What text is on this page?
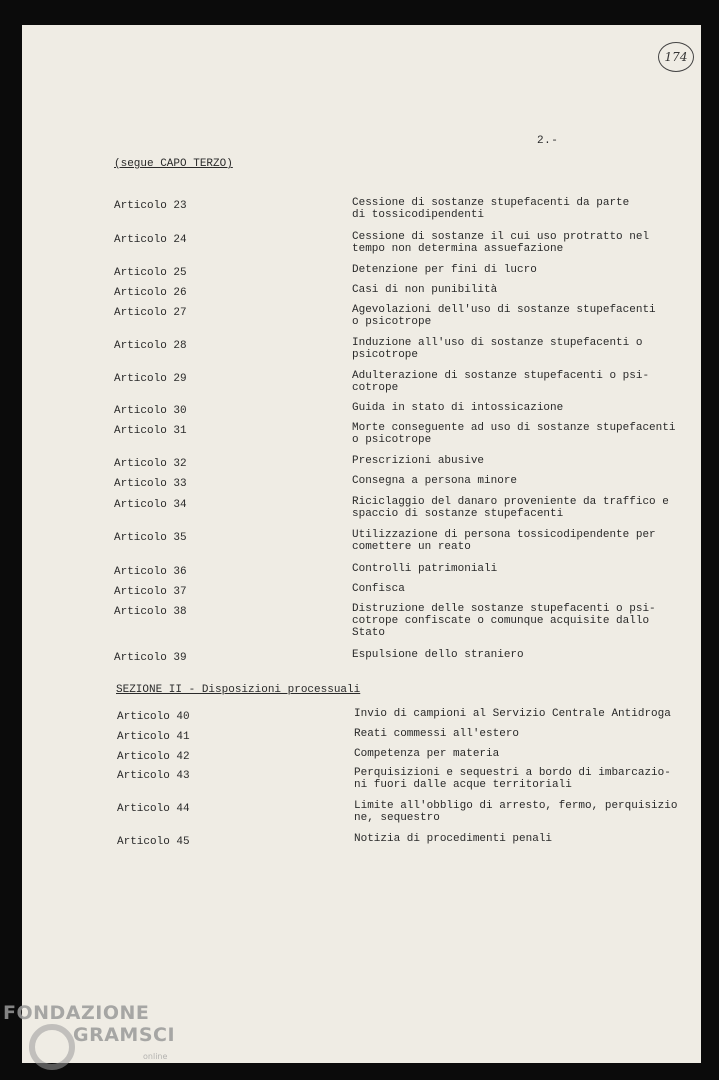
174
2.-
(segue CAPO TERZO)
Articolo 23	Cessione di sostanze stupefacenti da parte
di tossicodipendenti
Articolo 24	Cessione di sostanze il cui uso protratto nel
tempo non determina assuefazione
Articolo 25	Detenzione per fini di lucro
Articolo 26	Casi di non punibilità
Articolo 27	Agevolazioni dell'uso di sostanze stupefacenti
o psicotrope
Articolo 28	Induzione all'uso di sostanze stupefacenti o
psicotrope
Articolo 29	Adulterazione di sostanze stupefacenti o psi-
cotrope
Articolo 30	Guida in stato di intossicazione
Articolo 31	Morte conseguente ad uso di sostanze stupefacenti
o psicotrope
Articolo 32	Prescrizioni abusive
Articolo 33	Consegna a persona minore
Articolo 34	Riciclaggio del danaro proveniente da traffico e
spaccio di sostanze stupefacenti
Articolo 35	Utilizzazione di persona tossicodipendente per
comettere un reato
Articolo 36	Controlli patrimoniali
Articolo 37	Confisca
Articolo 38	Distruzione delle sostanze stupefacenti o psi-
cotrope confiscate o comunque acquisite dallo
Stato
Articolo 39	Espulsione dello straniero
SEZIONE II - Disposizioni processuali
Articolo 40	Invio di campioni al Servizio Centrale Antidroga
Articolo 41	Reati commessi all'estero
Articolo 42	Competenza per materia
Articolo 43	Perquisizioni e sequestri a bordo di imbarcazio-
ni fuori dalle acque territoriali
Articolo 44	Limite all'obbligo di arresto, fermo, perquisizio
ne, sequestro
Articolo 45	Notizia di procedimenti penali
FONDAZIONE
GRAMSCI
online
